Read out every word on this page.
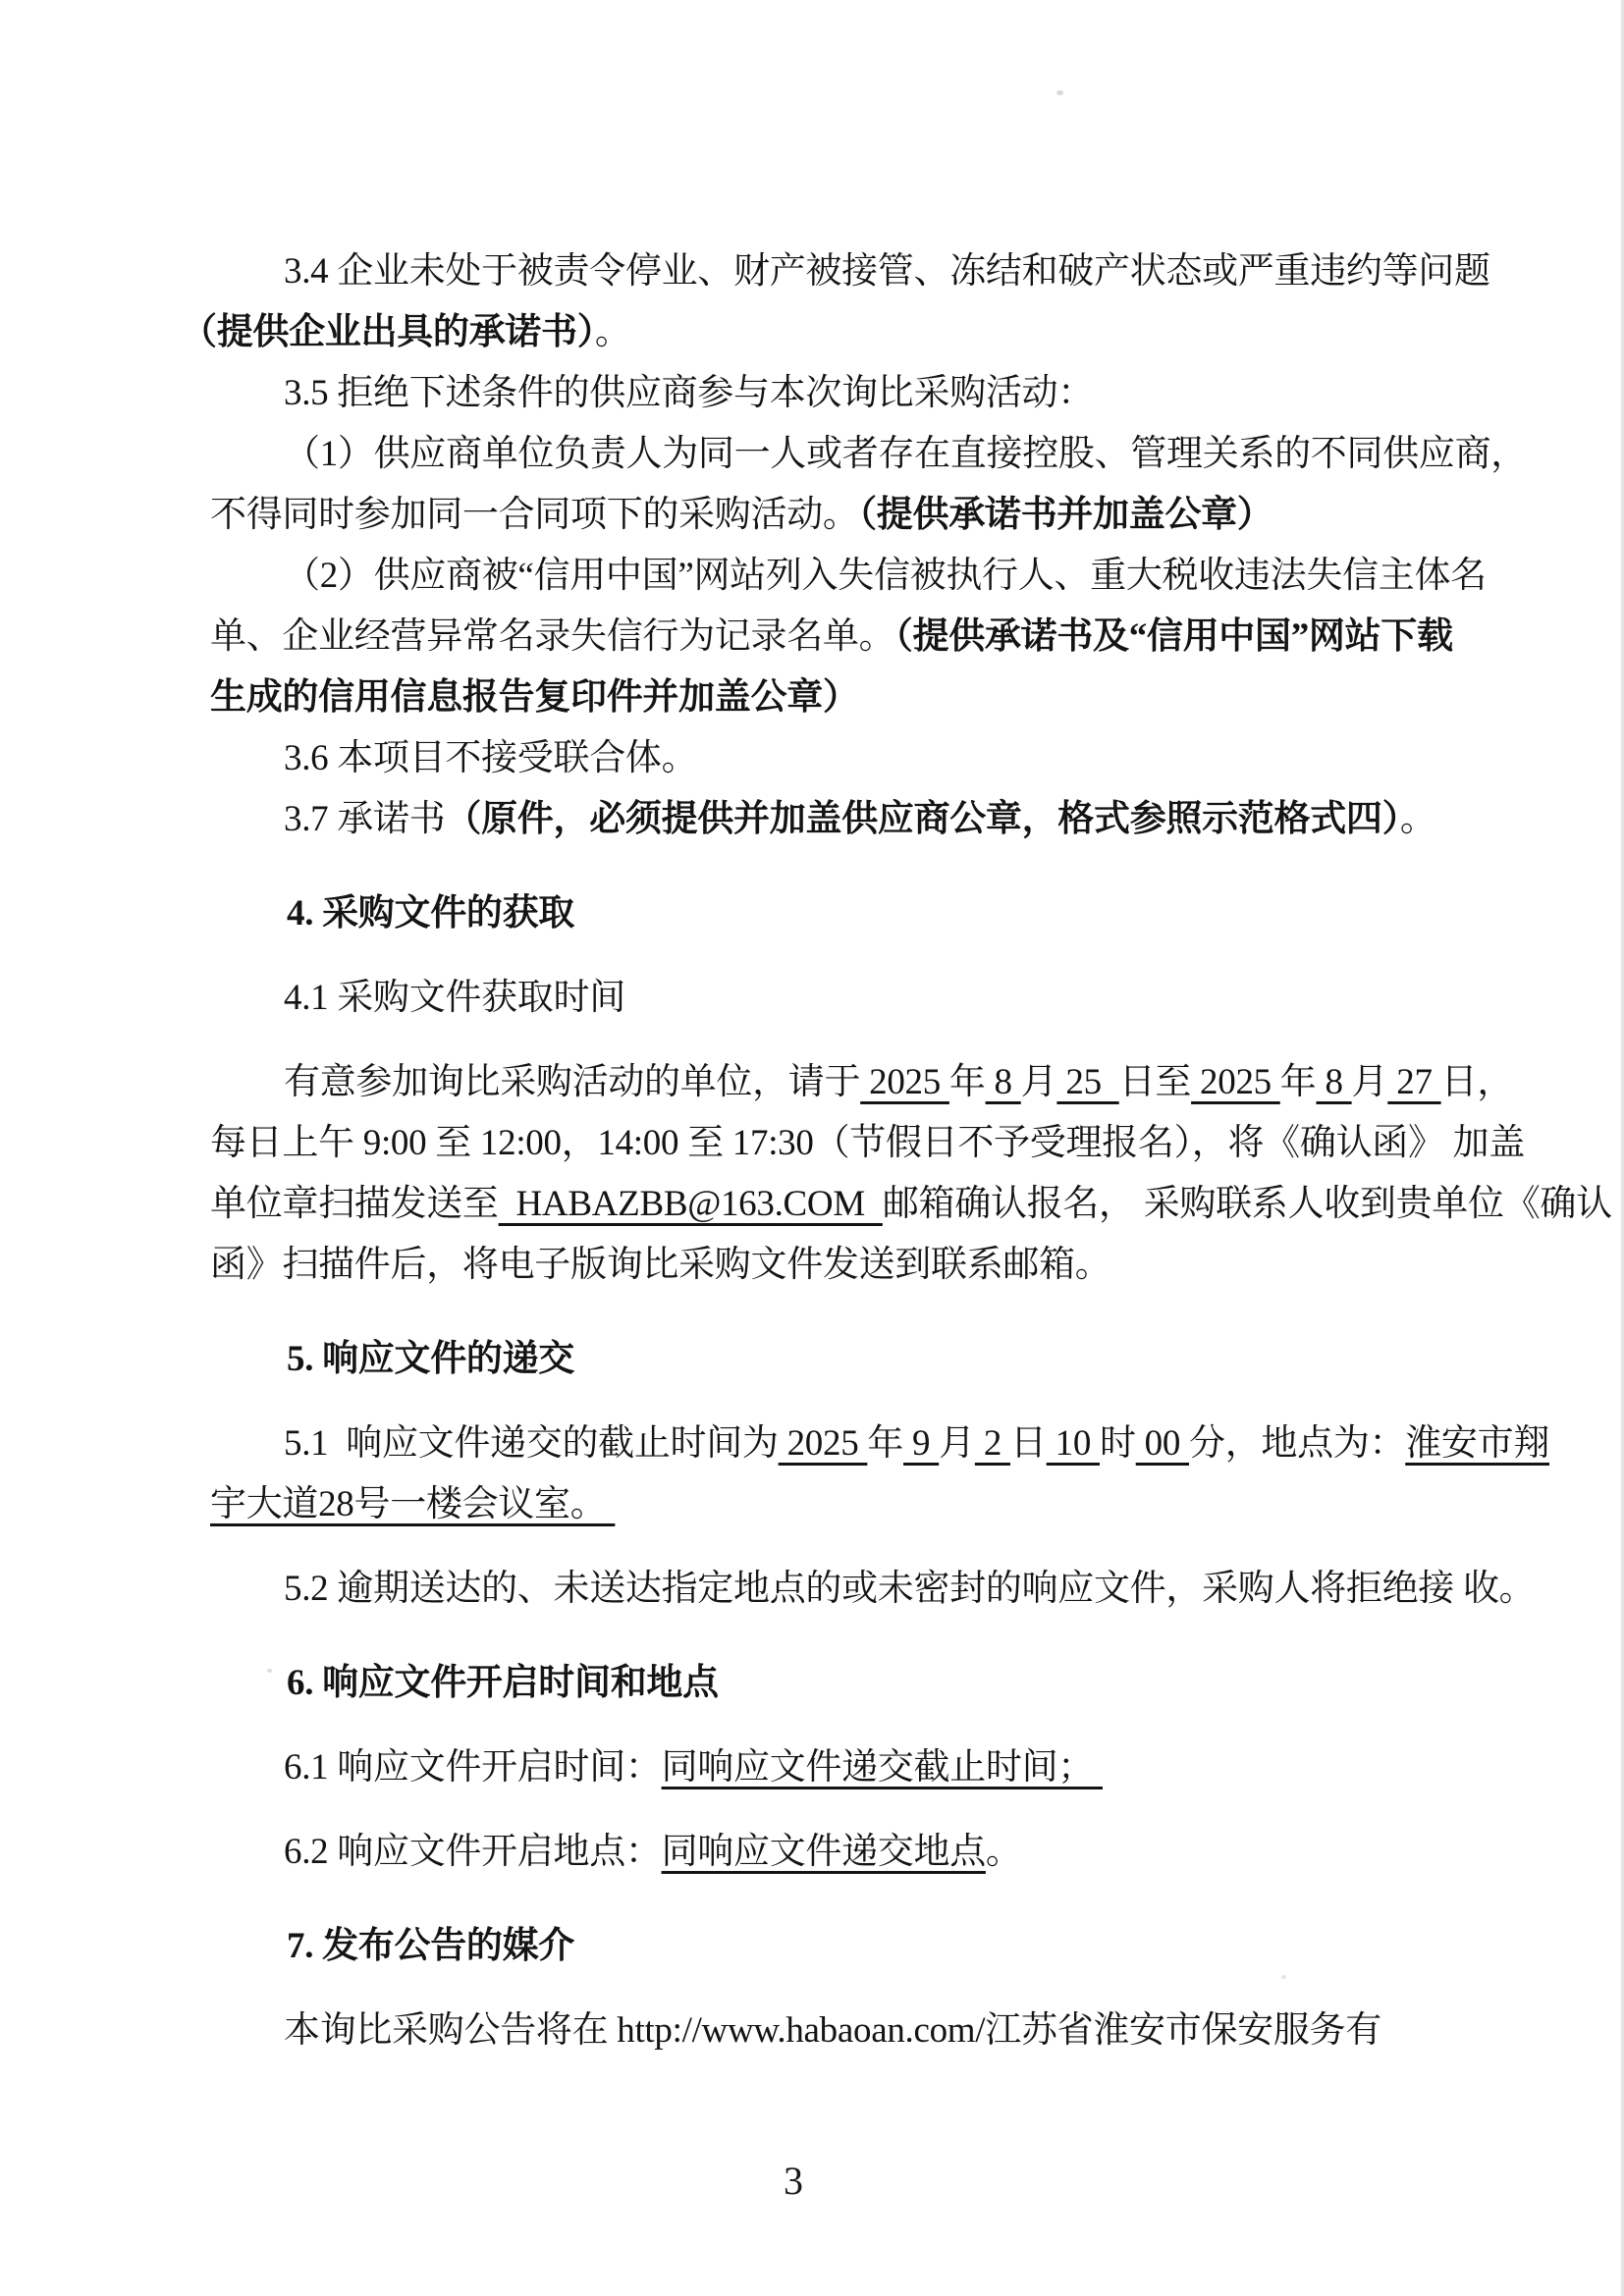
3.4 企业未处于被责令停业、财产被接管、冻结和破产状态或严重违约等问题
（提供企业出具的承诺书）。
3.5 拒绝下述条件的供应商参与本次询比采购活动：
（1）供应商单位负责人为同一人或者存在直接控股、管理关系的不同供应商，
不得同时参加同一合同项下的采购活动。（提供承诺书并加盖公章）
（2）供应商被“信用中国”网站列入失信被执行人、重大税收违法失信主体名
单、企业经营异常名录失信行为记录名单。（提供承诺书及“信用中国”网站下载
生成的信用信息报告复印件并加盖公章）
3.6 本项目不接受联合体。
3.7 承诺书（原件，必须提供并加盖供应商公章，格式参照示范格式四）。
4. 采购文件的获取
4.1 采购文件获取时间
有意参加询比采购活动的单位，请于 2025 年 8 月 25  日至 2025 年 8 月 27 日，
每日上午 9:00 至 12:00，14:00 至 17:30（节假日不予受理报名），将《确认函》 加盖
单位章扫描发送至  HABAZBB@163.COM  邮箱确认报名， 采购联系人收到贵单位《确认
函》扫描件后，将电子版询比采购文件发送到联系邮箱。
5. 响应文件的递交
5.1  响应文件递交的截止时间为 2025 年 9 月 2 日 10 时 00 分，地点为：淮安市翔
宇大道28号一楼会议室。
5.2 逾期送达的、未送达指定地点的或未密封的响应文件，采购人将拒绝接 收。
6. 响应文件开启时间和地点
6.1 响应文件开启时间：同响应文件递交截止时间；
6.2 响应文件开启地点：同响应文件递交地点。
7. 发布公告的媒介
本询比采购公告将在 http://www.habaoan.com/江苏省淮安市保安服务有
3
